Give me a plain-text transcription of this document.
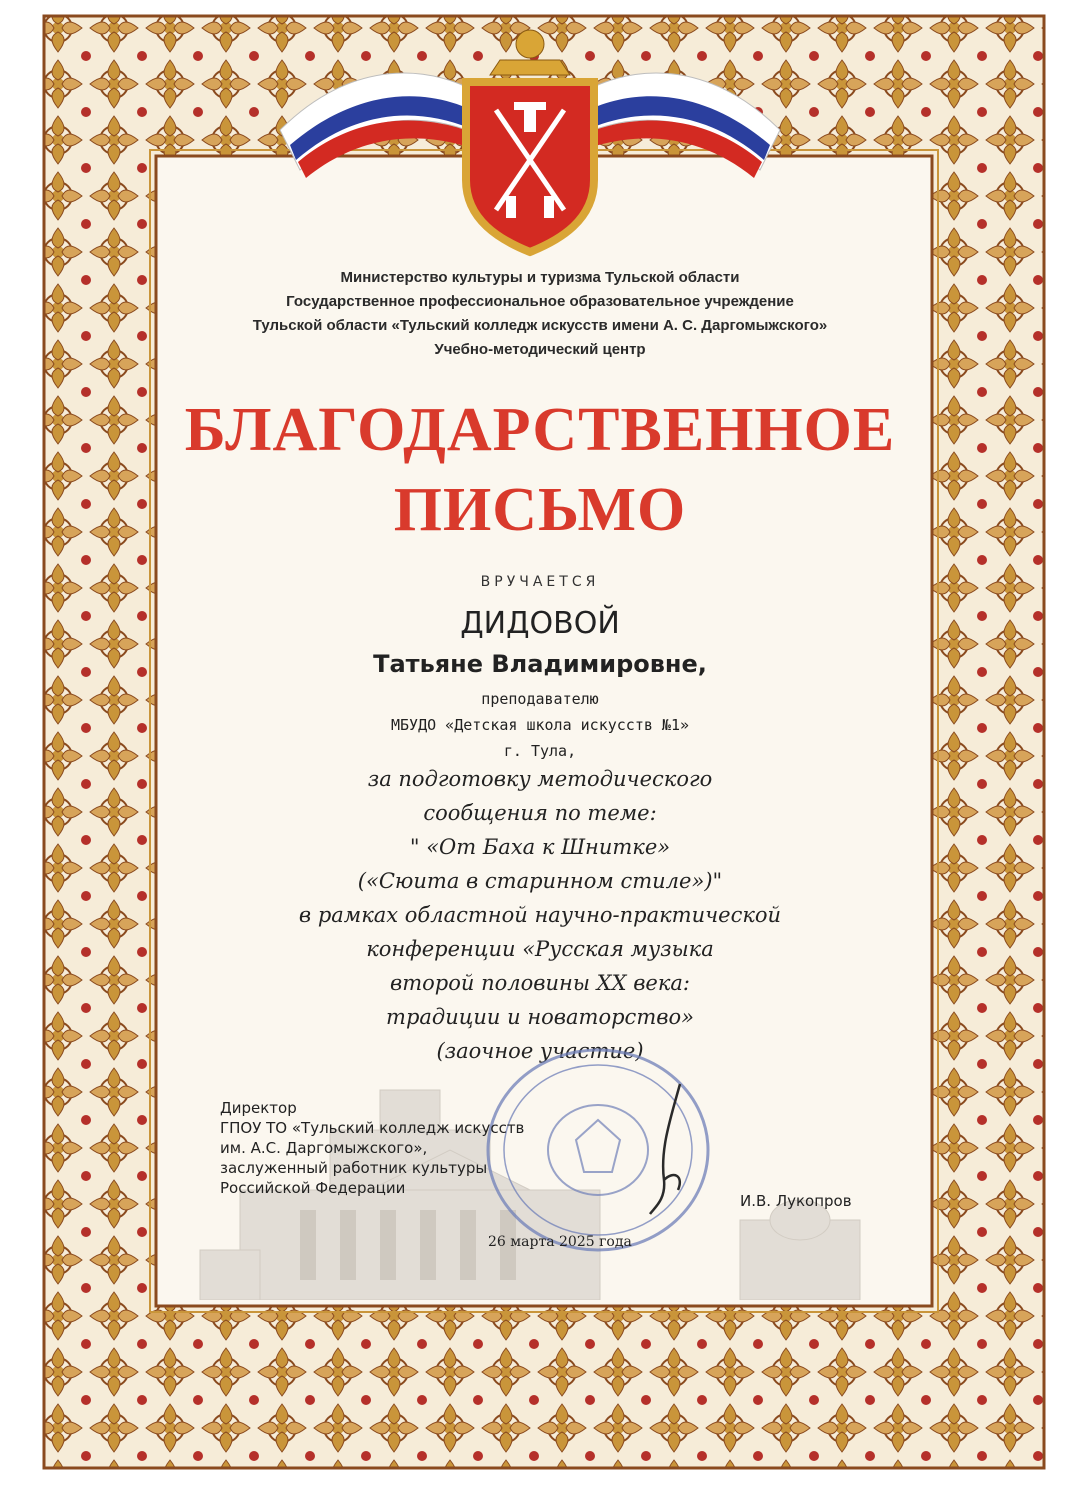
Министерство культуры и туризма Тульской области
Государственное профессиональное образовательное учреждение
Тульской области «Тульский колледж искусств имени А. С. Даргомыжского»
Учебно-методический центр
БЛАГОДАРСТВЕННОЕ
ПИСЬМО
ВРУЧАЕТСЯ
ДИДОВОЙ
Татьяне Владимировне,
преподавателю
МБУДО «Детская школа искусств №1»
г. Тула,
за подготовку методического
сообщения по теме:
" «От Баха к Шнитке»
(«Сюита в старинном стиле»)"
в рамках областной научно-практической
конференции «Русская музыка
второй половины XX века:
традиции и новаторство»
(заочное участие)
Директор
ГПОУ ТО «Тульский колледж искусств
им. А.С. Даргомыжского»,
заслуженный работник культуры
Российской Федерации
И.В. Лукопров
26 марта 2025 года
